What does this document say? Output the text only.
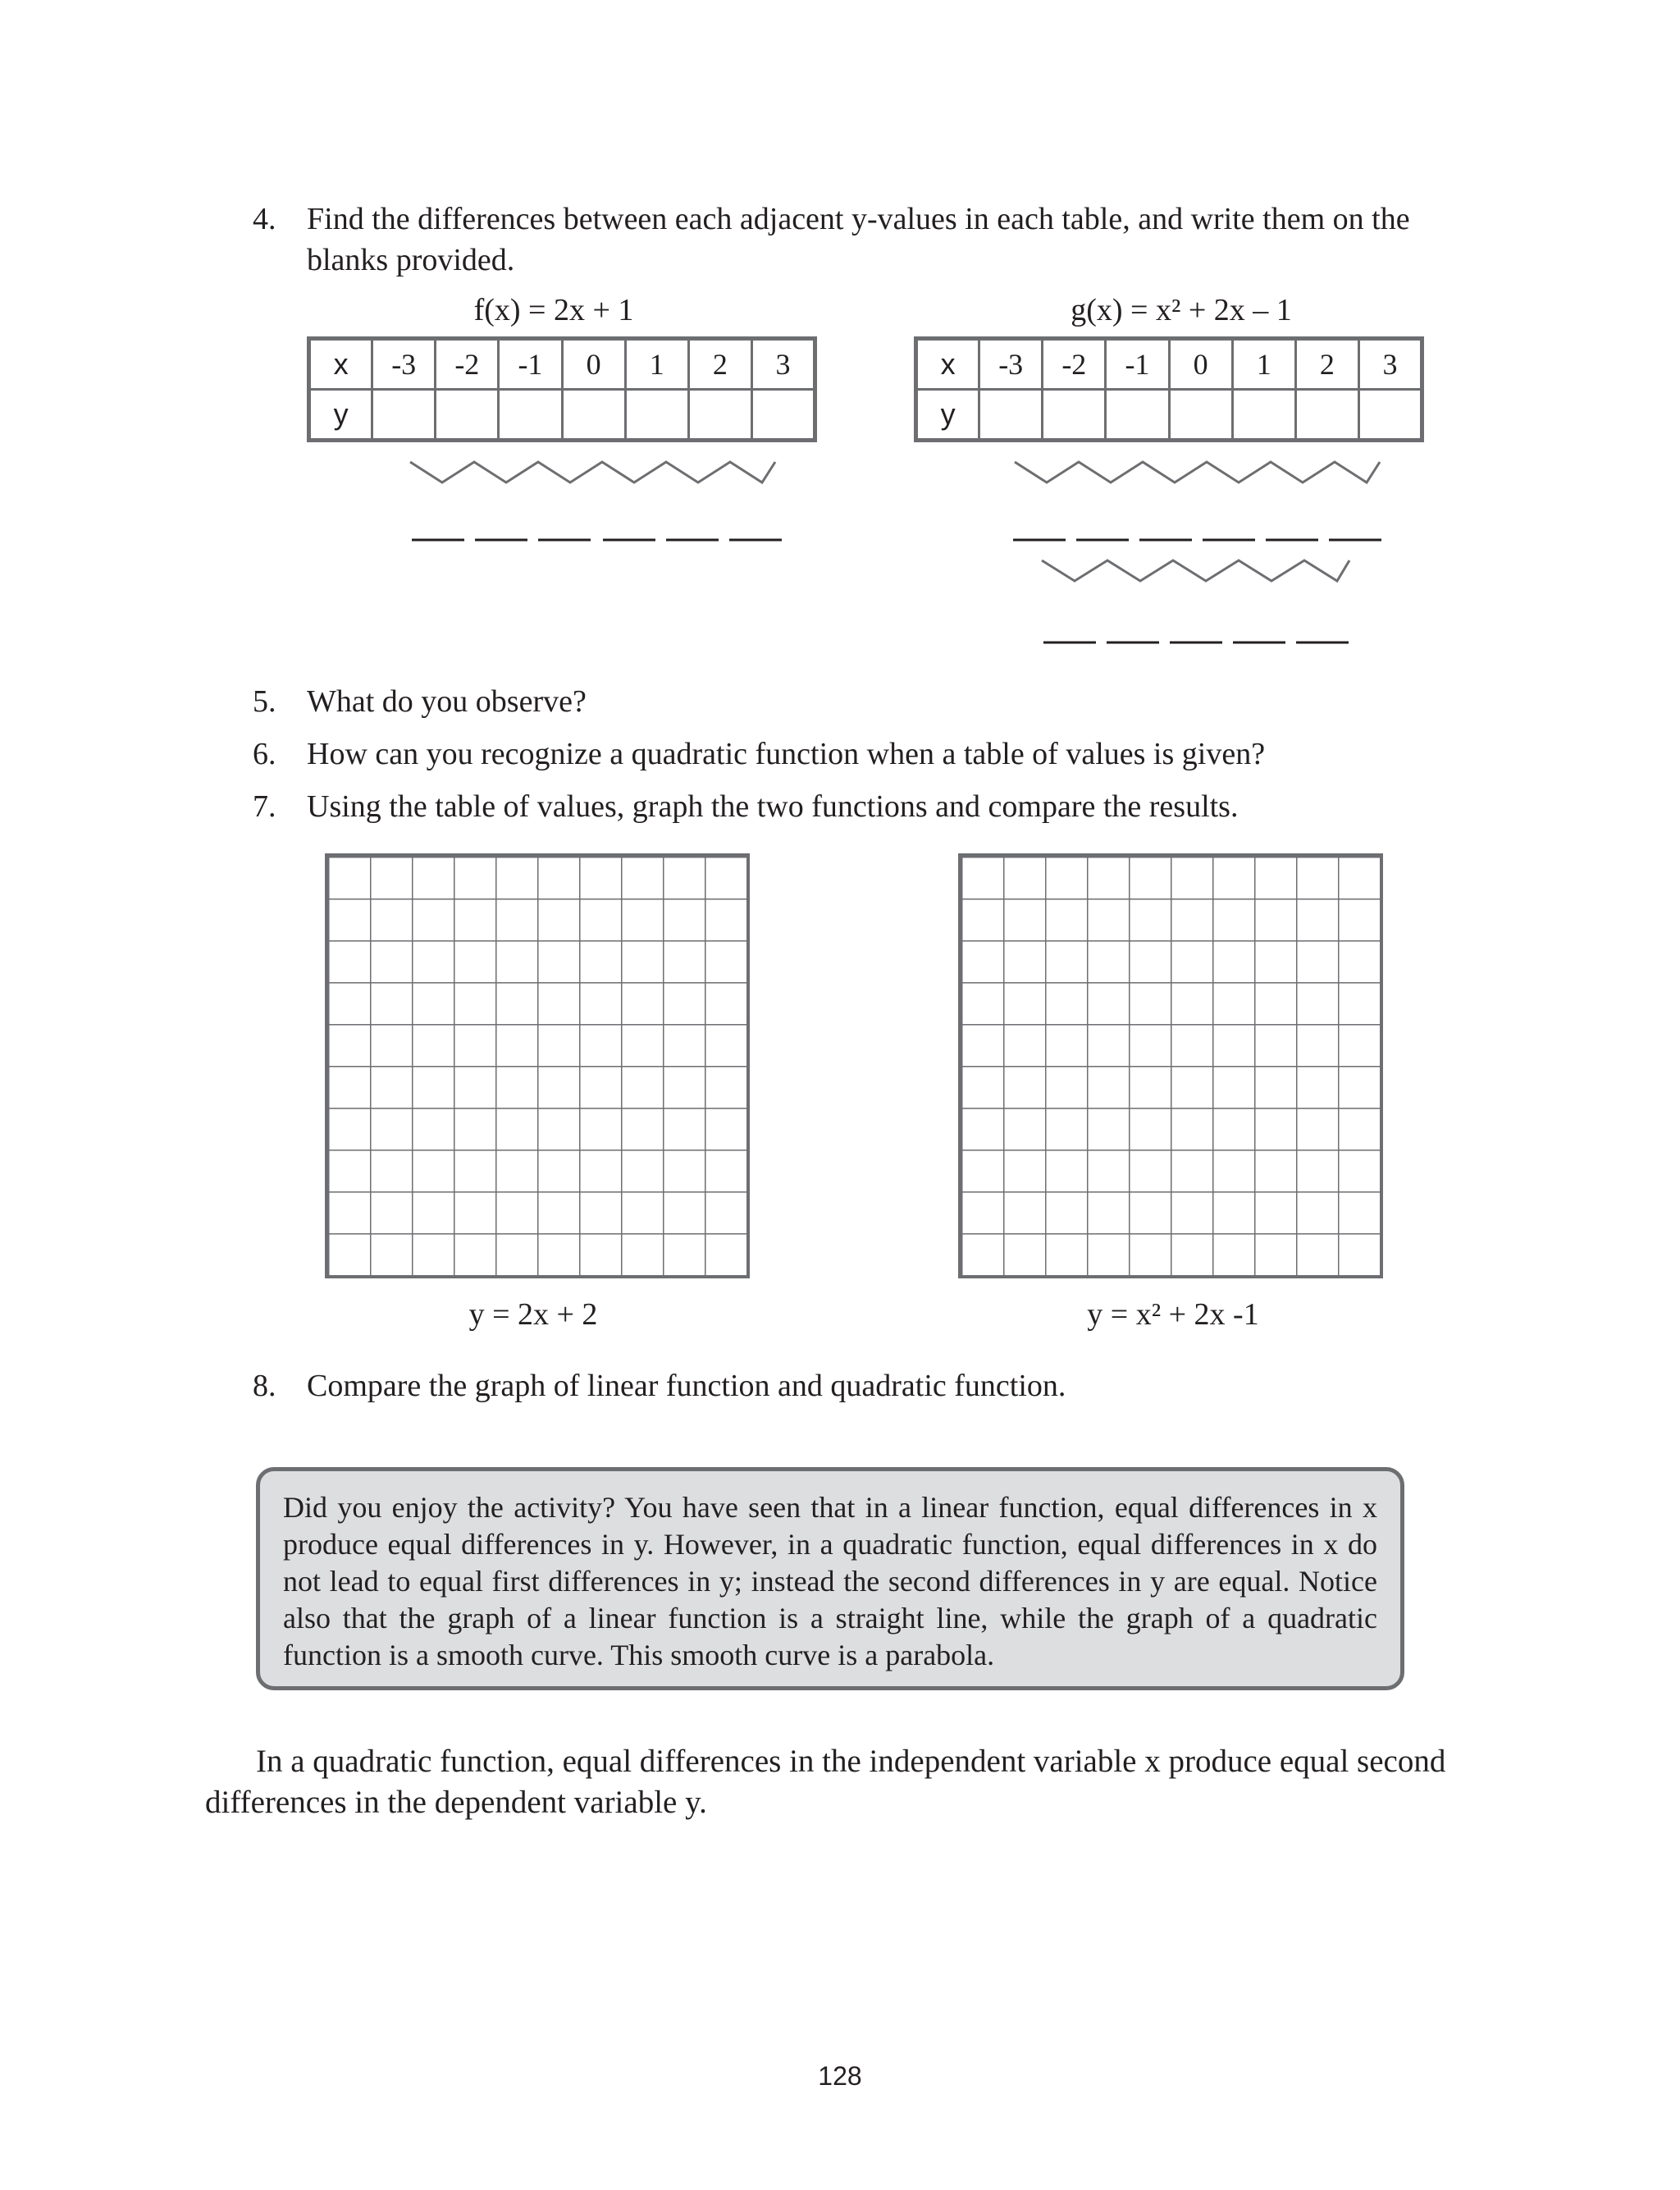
4. Find the differences between each adjacent y-values in each table, and write them on the blanks provided.
f(x) = 2x + 1	g(x) = x² + 2x – 1
x	-3	-2	-1	0	1	2	3
y							
x	-3	-2	-1	0	1	2	3
y							
5. What do you observe?
6. How can you recognize a quadratic function when a table of values is given?
7. Using the table of values, graph the two functions and compare the results.
y = 2x + 2	y = x² + 2x -1
8. Compare the graph of linear function and quadratic function.
Did you enjoy the activity? You have seen that in a linear function, equal differences in x produce equal differences in y. However, in a quadratic function, equal differences in x do not lead to equal first differences in y; instead the second differences in y are equal. Notice also that the graph of a linear function is a straight line, while the graph of a quadratic function is a smooth curve. This smooth curve is a parabola.
In a quadratic function, equal differences in the independent variable x produce equal second differences in the dependent variable y.
128
